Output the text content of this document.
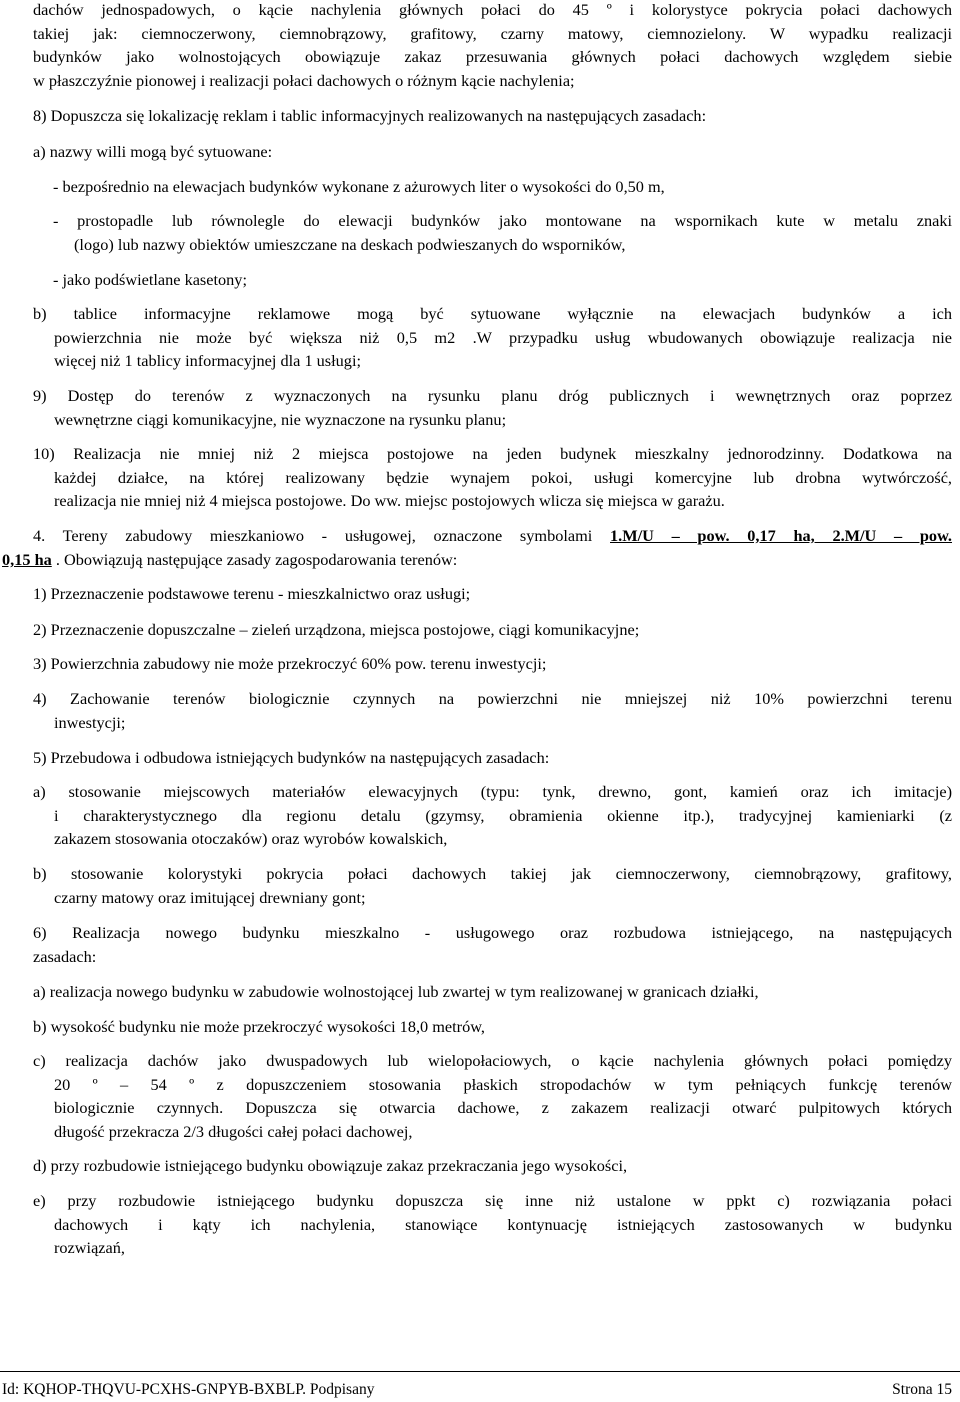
dachów jednospadowych, o kącie nachylenia głównych połaci do 45 º i kolorystyce pokrycia połaci dachowych
takiej jak: ciemnoczerwony, ciemnobrązowy, grafitowy, czarny matowy, ciemnozielony. W wypadku realizacji
budynków jako wolnostojących obowiązuje zakaz przesuwania głównych połaci dachowych względem siebie
w płaszczyźnie pionowej i realizacji połaci dachowych o różnym kącie nachylenia;
8) Dopuszcza się lokalizację reklam i tablic informacyjnych realizowanych na następujących zasadach:
a) nazwy willi mogą być sytuowane:
- bezpośrednio na elewacjach budynków wykonane z ażurowych liter o wysokości do 0,50 m,
- prostopadle lub równolegle do elewacji budynków jako montowane na wspornikach kute w metalu znaki
(logo) lub nazwy obiektów umieszczane na deskach podwieszanych do wsporników,
- jako podświetlane kasetony;
b) tablice informacyjne reklamowe mogą być sytuowane wyłącznie na elewacjach budynków a ich
powierzchnia nie może być większa niż 0,5 m2 .W przypadku usług wbudowanych obowiązuje realizacja nie
więcej niż 1 tablicy informacyjnej dla 1 usługi;
9) Dostęp do terenów z wyznaczonych na rysunku planu dróg publicznych i wewnętrznych oraz poprzez
wewnętrzne ciągi komunikacyjne, nie wyznaczone na rysunku planu;
10) Realizacja nie mniej niż 2 miejsca postojowe na jeden budynek mieszkalny jednorodzinny. Dodatkowa na
każdej działce, na której realizowany będzie wynajem pokoi, usługi komercyjne lub drobna wytwórczość,
realizacja nie mniej niż 4 miejsca postojowe. Do ww. miejsc postojowych wlicza się miejsca w garażu.
4. Tereny zabudowy mieszkaniowo - usługowej, oznaczone symbolami 1.M/U – pow. 0,17 ha, 2.M/U – pow.
0,15 ha . Obowiązują następujące zasady zagospodarowania terenów:
1) Przeznaczenie podstawowe terenu - mieszkalnictwo oraz usługi;
2) Przeznaczenie dopuszczalne – zieleń urządzona, miejsca postojowe, ciągi komunikacyjne;
3) Powierzchnia zabudowy nie może przekroczyć 60% pow. terenu inwestycji;
4) Zachowanie terenów biologicznie czynnych na powierzchni nie mniejszej niż 10% powierzchni terenu
inwestycji;
5) Przebudowa i odbudowa istniejących budynków na następujących zasadach:
a) stosowanie miejscowych materiałów elewacyjnych (typu: tynk, drewno, gont, kamień oraz ich imitacje)
i charakterystycznego dla regionu detalu (gzymsy, obramienia okienne itp.), tradycyjnej kamieniarki (z
zakazem stosowania otoczaków) oraz wyrobów kowalskich,
b) stosowanie kolorystyki pokrycia połaci dachowych takiej jak ciemnoczerwony, ciemnobrązowy, grafitowy,
czarny matowy oraz imitującej drewniany gont;
6) Realizacja nowego budynku mieszkalno - usługowego oraz rozbudowa istniejącego, na następujących
zasadach:
a) realizacja nowego budynku w zabudowie wolnostojącej lub zwartej w tym realizowanej w granicach działki,
b) wysokość budynku nie może przekroczyć wysokości 18,0 metrów,
c) realizacja dachów jako dwuspadowych lub wielopołaciowych, o kącie nachylenia głównych połaci pomiędzy
20 º – 54 º z dopuszczeniem stosowania płaskich stropodachów w tym pełniących funkcję terenów
biologicznie czynnych. Dopuszcza się otwarcia dachowe, z zakazem realizacji otwarć pulpitowych których
długość przekracza 2/3 długości całej połaci dachowej,
d) przy rozbudowie istniejącego budynku obowiązuje zakaz przekraczania jego wysokości,
e) przy rozbudowie istniejącego budynku dopuszcza się inne niż ustalone w ppkt c) rozwiązania połaci
dachowych i kąty ich nachylenia, stanowiące kontynuację istniejących zastosowanych w budynku
rozwiązań,
Id: KQHOP-THQVU-PCXHS-GNPYB-BXBLP. Podpisany	Strona 15
